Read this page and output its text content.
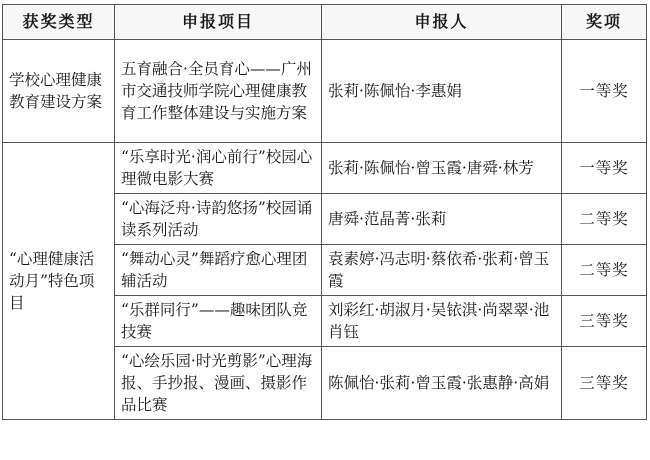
获奖类型	申报项目	申报人	奖项
学校心理健康教育建设方案	五育融合·全员育心——广州市交通技师学院心理健康教育工作整体建设与实施方案	张莉·陈佩怡·李惠娟	一等奖
“心理健康活动月”特色项目	“乐享时光·润心前行”校园心理微电影大赛	张莉·陈佩怡·曾玉霞·唐舜·林芳	一等奖
	“心海泛舟·诗韵悠扬”校园诵读系列活动	唐舜·范晶菁·张莉	二等奖
	“舞动心灵”舞蹈疗愈心理团辅活动	袁素婷·冯志明·蔡依希·张莉·曾玉霞	二等奖
	“乐群同行”——趣味团队竞技赛	刘彩红·胡淑月·吴铱淇·尚翠翠·池肖钰	三等奖
	“心绘乐园·时光剪影”心理海报、手抄报、漫画、摄影作品比赛	陈佩怡·张莉·曾玉霞·张惠静·高娟	三等奖
